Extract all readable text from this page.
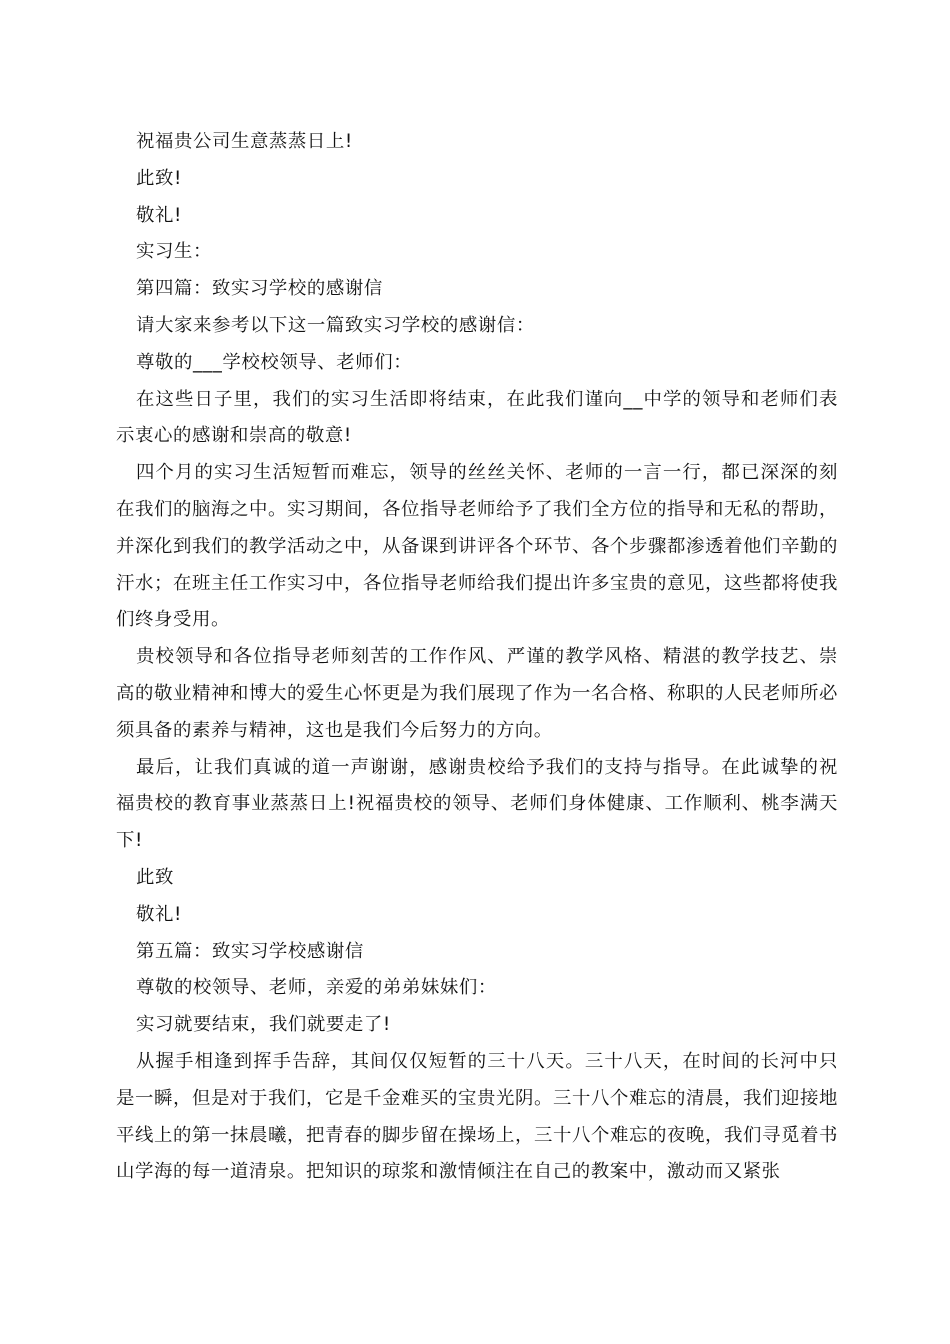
祝福贵公司生意蒸蒸日上!

此致!

敬礼!

实习生：

第四篇：致实习学校的感谢信

请大家来参考以下这一篇致实习学校的感谢信：

尊敬的___学校校领导、老师们：

在这些日子里，我们的实习生活即将结束，在此我们谨向__中学的领导和老师们表示衷心的感谢和崇高的敬意!

四个月的实习生活短暂而难忘，领导的丝丝关怀、老师的一言一行，都已深深的刻在我们的脑海之中。实习期间，各位指导老师给予了我们全方位的指导和无私的帮助，并深化到我们的教学活动之中，从备课到讲评各个环节、各个步骤都渗透着他们辛勤的汗水；在班主任工作实习中，各位指导老师给我们提出许多宝贵的意见，这些都将使我们终身受用。

贵校领导和各位指导老师刻苦的工作作风、严谨的教学风格、精湛的教学技艺、崇高的敬业精神和博大的爱生心怀更是为我们展现了作为一名合格、称职的人民老师所必须具备的素养与精神，这也是我们今后努力的方向。

最后，让我们真诚的道一声谢谢，感谢贵校给予我们的支持与指导。在此诚挚的祝福贵校的教育事业蒸蒸日上!祝福贵校的领导、老师们身体健康、工作顺利、桃李满天下!

此致

敬礼!

第五篇：致实习学校感谢信

尊敬的校领导、老师，亲爱的弟弟妹妹们：

实习就要结束，我们就要走了!

从握手相逢到挥手告辞，其间仅仅短暂的三十八天。三十八天，在时间的长河中只是一瞬，但是对于我们，它是千金难买的宝贵光阴。三十八个难忘的清晨，我们迎接地平线上的第一抹晨曦，把青春的脚步留在操场上，三十八个难忘的夜晚，我们寻觅着书山学海的每一道清泉。把知识的琼浆和激情倾注在自己的教案中，激动而又紧张
